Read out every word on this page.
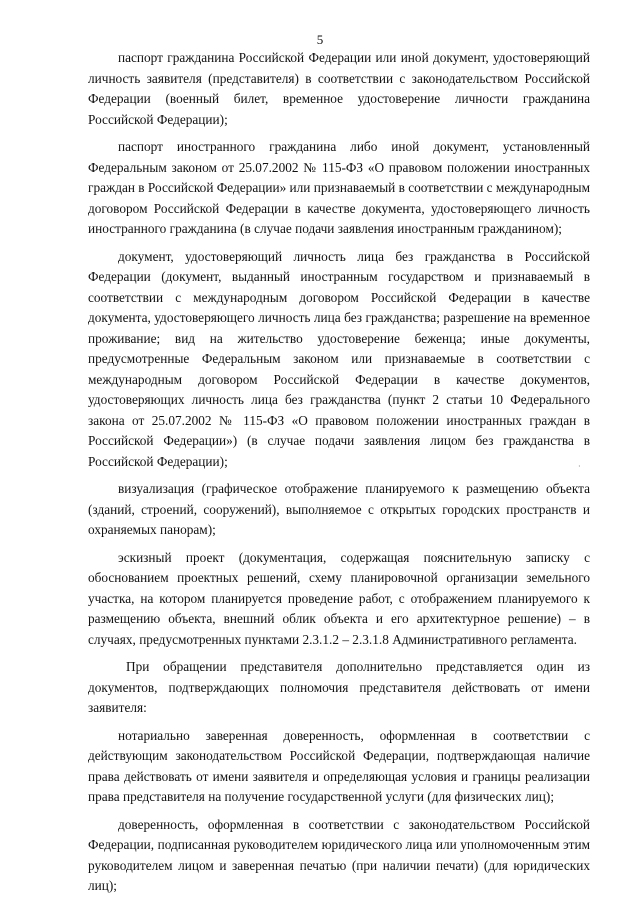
5

паспорт гражданина Российской Федерации или иной документ, удостоверяющий личность заявителя (представителя) в соответствии с законодательством Российской Федерации (военный билет, временное удостоверение личности гражданина Российской Федерации);

паспорт иностранного гражданина либо иной документ, установленный Федеральным законом от 25.07.2002 № 115-ФЗ «О правовом положении иностранных граждан в Российской Федерации» или признаваемый в соответствии с международным договором Российской Федерации в качестве документа, удостоверяющего личность иностранного гражданина (в случае подачи заявления иностранным гражданином);

документ, удостоверяющий личность лица без гражданства в Российской Федерации (документ, выданный иностранным государством и признаваемый в соответствии с международным договором Российской Федерации в качестве документа, удостоверяющего личность лица без гражданства; разрешение на временное проживание; вид на жительство удостоверение беженца; иные документы, предусмотренные Федеральным законом или признаваемые в соответствии с международным договором Российской Федерации в качестве документов, удостоверяющих личность лица без гражданства (пункт 2 статьи 10 Федерального закона от 25.07.2002 № 115-ФЗ «О правовом положении иностранных граждан в Российской Федерации») (в случае подачи заявления лицом без гражданства в Российской Федерации);

визуализация (графическое отображение планируемого к размещению объекта (зданий, строений, сооружений), выполняемое с открытых городских пространств и охраняемых панорам);

эскизный проект (документация, содержащая пояснительную записку с обоснованием проектных решений, схему планировочной организации земельного участка, на котором планируется проведение работ, с отображением планируемого к размещению объекта, внешний облик объекта и его архитектурное решение) – в случаях, предусмотренных пунктами 2.3.1.2 – 2.3.1.8 Административного регламента.

При обращении представителя дополнительно представляется один из документов, подтверждающих полномочия представителя действовать от имени заявителя:

нотариально заверенная доверенность, оформленная в соответствии с действующим законодательством Российской Федерации, подтверждающая наличие права действовать от имени заявителя и определяющая условия и границы реализации права представителя на получение государственной услуги (для физических лиц);

доверенность, оформленная в соответствии с законодательством Российской Федерации, подписанная руководителем юридического лица или уполномоченным этим руководителем лицом и заверенная печатью (при наличии печати) (для юридических лиц);

·
